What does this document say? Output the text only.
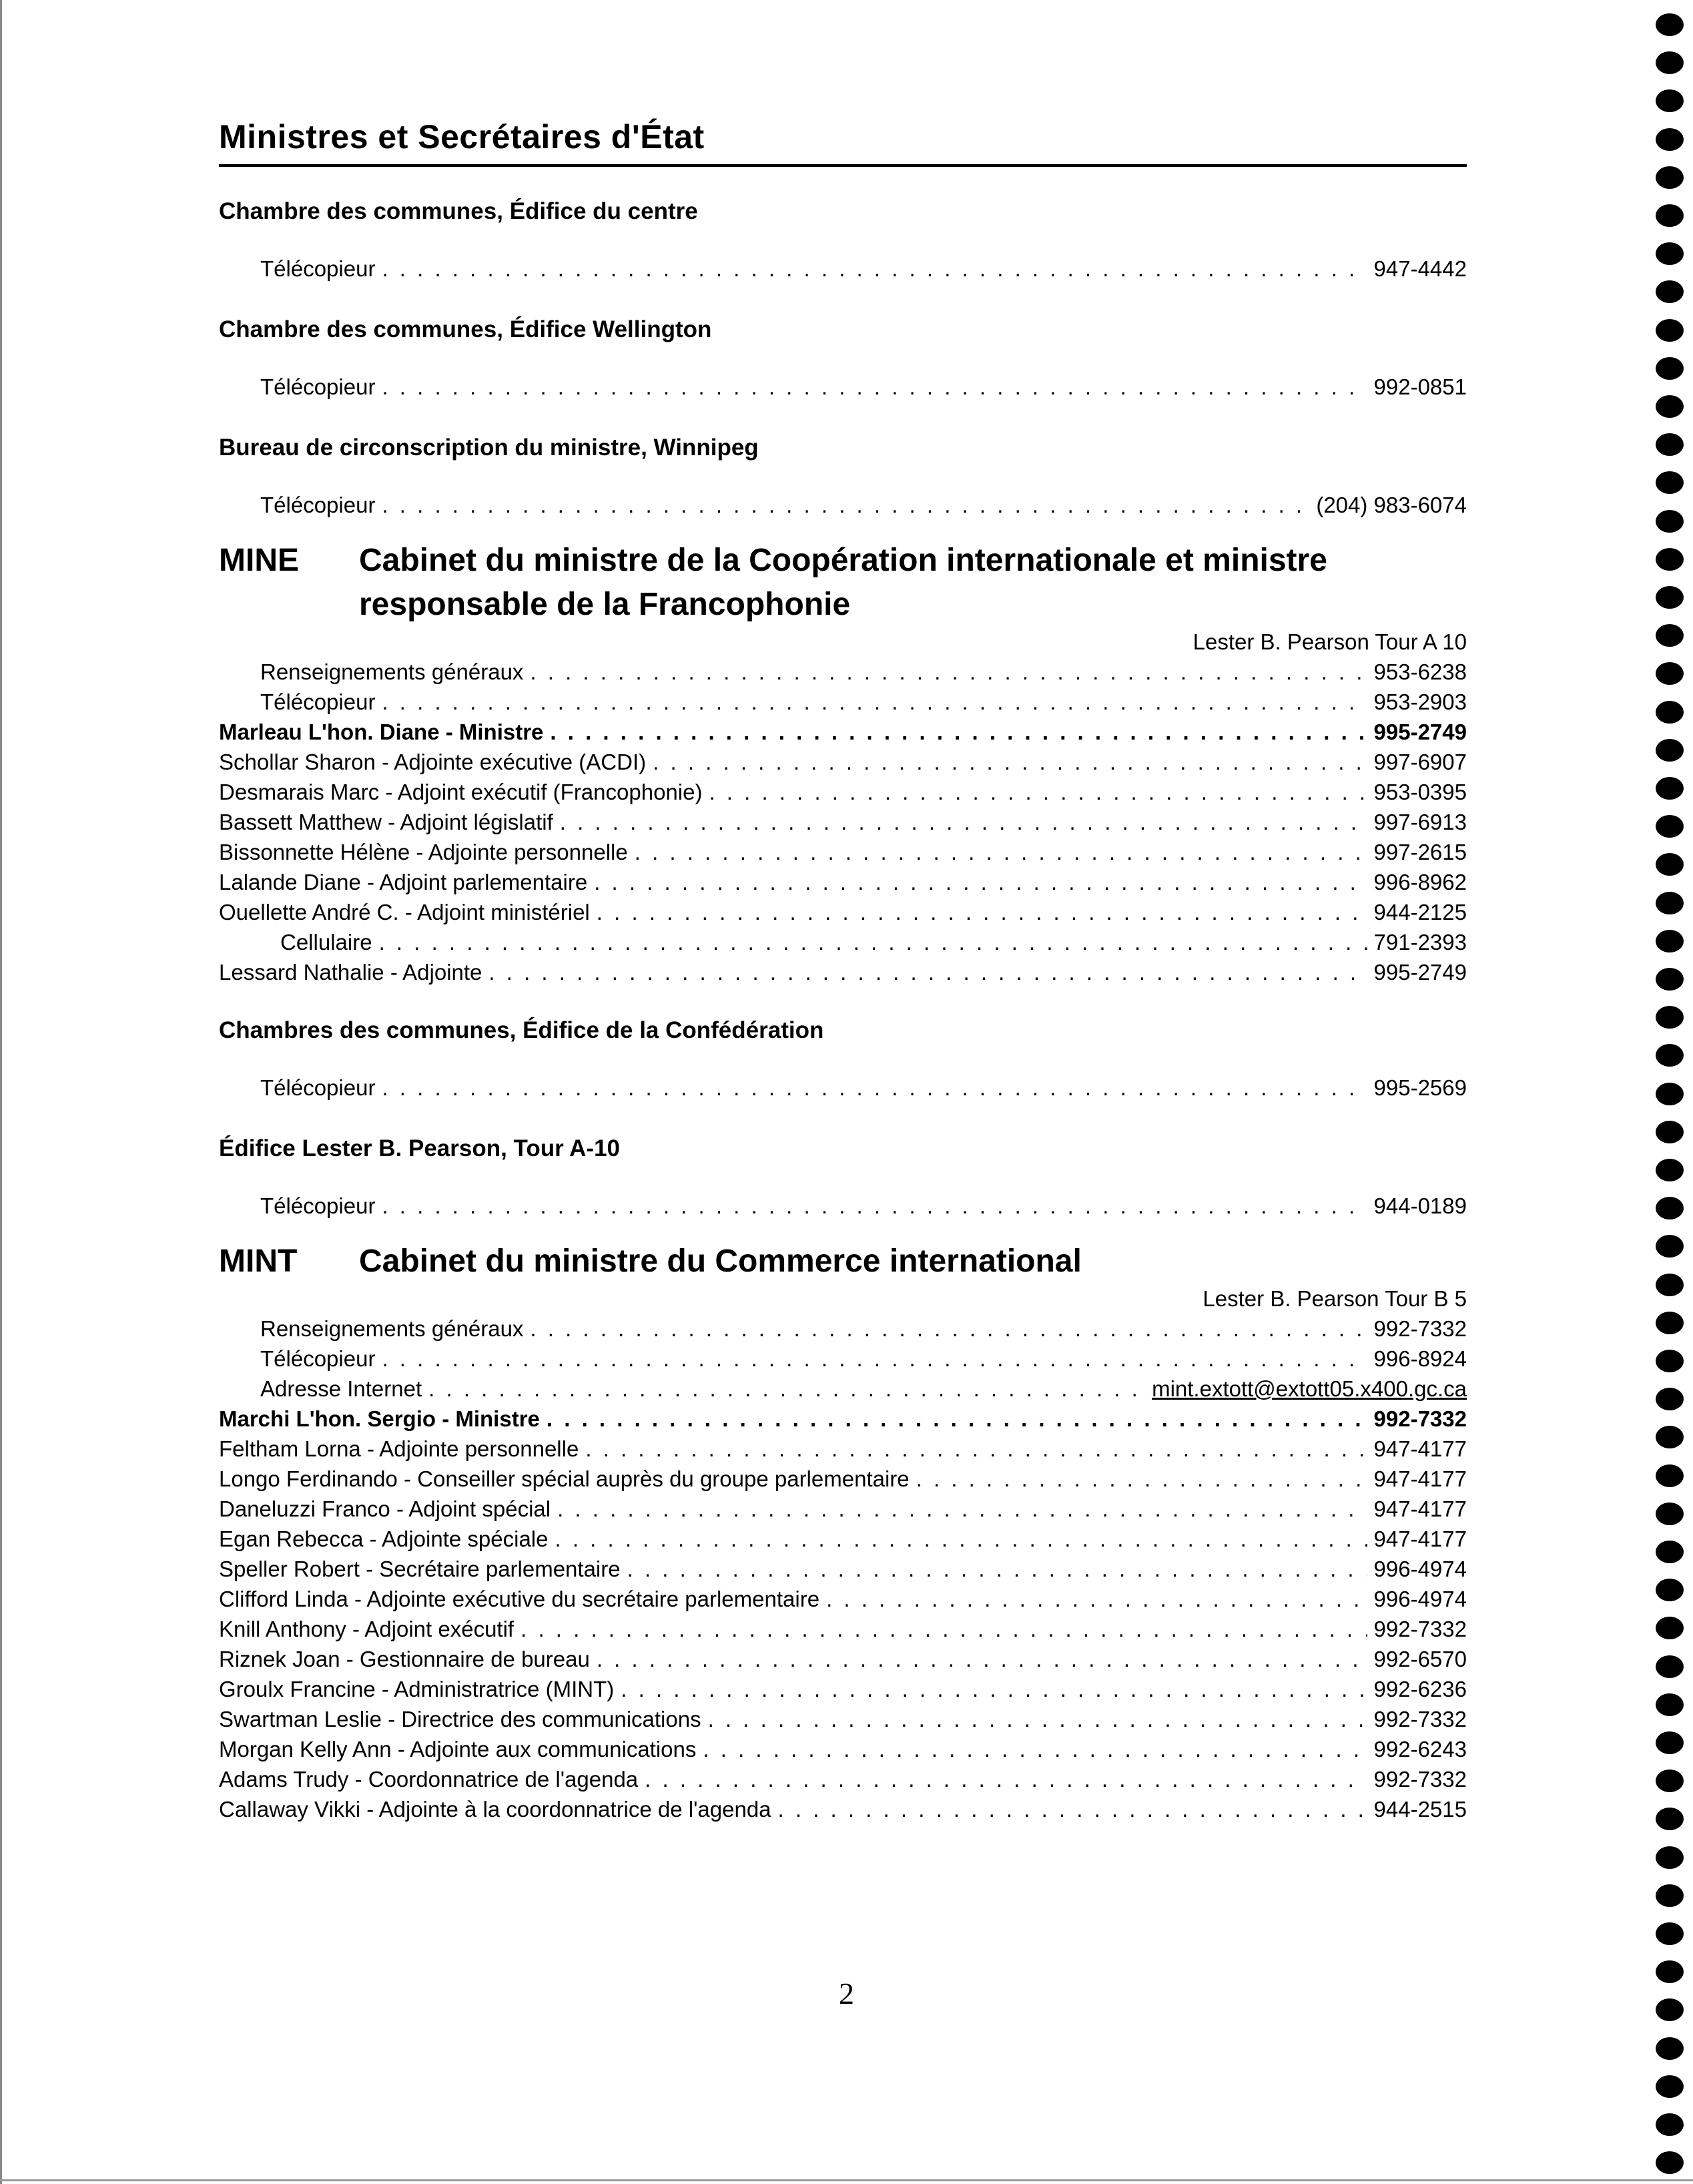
Ministres et Secrétaires d'État
Chambre des communes, Édifice du centre
Télécopieur . . .	947-4442
Chambre des communes, Édifice Wellington
Télécopieur . . .	992-0851
Bureau de circonscription du ministre, Winnipeg
Télécopieur . . .	(204) 983-6074
MINE	Cabinet du ministre de la Coopération internationale et ministre responsable de la Francophonie
Lester B. Pearson Tour A 10
Renseignements généraux . . .	953-6238
Télécopieur . . .	953-2903
Marleau L'hon. Diane - Ministre . . .	995-2749
Schollar Sharon - Adjointe exécutive (ACDI) . . .	997-6907
Desmarais Marc - Adjoint exécutif (Francophonie) . . .	953-0395
Bassett Matthew - Adjoint législatif . . .	997-6913
Bissonnette Hélène - Adjointe personnelle . . .	997-2615
Lalande Diane - Adjoint parlementaire . . .	996-8962
Ouellette André C. - Adjoint ministériel . . .	944-2125
Cellulaire . . .	791-2393
Lessard Nathalie - Adjointe . . .	995-2749
Chambres des communes, Édifice de la Confédération
Télécopieur . . .	995-2569
Édifice Lester B. Pearson, Tour A-10
Télécopieur . . .	944-0189
MINT	Cabinet du ministre du Commerce international
Lester B. Pearson Tour B 5
Renseignements généraux . . .	992-7332
Télécopieur . . .	996-8924
Adresse Internet . . .	mint.extott@extott05.x400.gc.ca
Marchi L'hon. Sergio - Ministre . . .	992-7332
Feltham Lorna - Adjointe personnelle . . .	947-4177
Longo Ferdinando - Conseiller spécial auprès du groupe parlementaire . . .	947-4177
Daneluzzi Franco - Adjoint spécial . . .	947-4177
Egan Rebecca - Adjointe spéciale . . .	947-4177
Speller Robert - Secrétaire parlementaire . . .	996-4974
Clifford Linda - Adjointe exécutive du secrétaire parlementaire . . .	996-4974
Knill Anthony - Adjoint exécutif . . .	992-7332
Riznek Joan - Gestionnaire de bureau . . .	992-6570
Groulx Francine - Administratrice (MINT) . . .	992-6236
Swartman Leslie - Directrice des communications . . .	992-7332
Morgan Kelly Ann - Adjointe aux communications . . .	992-6243
Adams Trudy - Coordonnatrice de l'agenda . . .	992-7332
Callaway Vikki - Adjointe à la coordonnatrice de l'agenda . . .	944-2515
2
